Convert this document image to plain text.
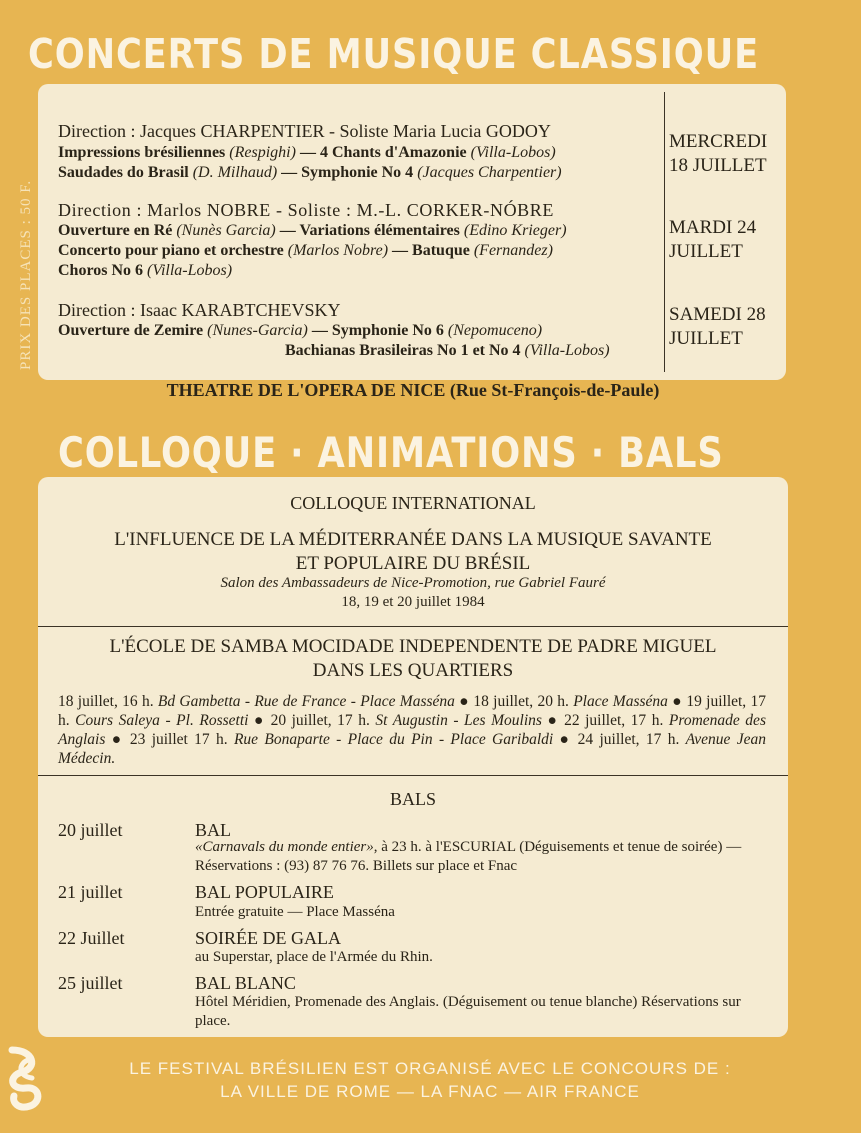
CONCERTS DE MUSIQUE CLASSIQUE
PRIX DES PLACES : 50 F.
Direction : Jacques CHARPENTIER - Soliste Maria Lucia GODOY
Impressions brésiliennes (Respighi) — 4 Chants d'Amazonie (Villa-Lobos)
Saudades do Brasil (D. Milhaud) — Symphonie No 4 (Jacques Charpentier)
MERCREDI
18 JUILLET
Direction : Marlos NOBRE - Soliste : M.-L. CORKER-NÓBRE
Ouverture en Ré (Nunès Garcia) — Variations élémentaires (Edino Krieger)
Concerto pour piano et orchestre (Marlos Nobre) — Batuque (Fernandez)
Choros No 6 (Villa-Lobos)
MARDI 24
JUILLET
Direction : Isaac KARABTCHEVSKY
Ouverture de Zemire (Nunes-Garcia) — Symphonie No 6 (Nepomuceno)
Bachianas Brasileiras No 1 et No 4 (Villa-Lobos)
SAMEDI 28
JUILLET
THEATRE DE L'OPERA DE NICE (Rue St-François-de-Paule)
COLLOQUE · ANIMATIONS · BALS
COLLOQUE INTERNATIONAL
L'INFLUENCE DE LA MÉDITERRANÉE DANS LA MUSIQUE SAVANTE
ET POPULAIRE DU BRÉSIL
Salon des Ambassadeurs de Nice-Promotion, rue Gabriel Fauré
18, 19 et 20 juillet 1984
L'ÉCOLE DE SAMBA MOCIDADE INDEPENDENTE DE PADRE MIGUEL
DANS LES QUARTIERS
18 juillet, 16 h. Bd Gambetta - Rue de France - Place Masséna ● 18 juillet, 20 h. Place Masséna ● 19 juillet, 17 h. Cours Saleya - Pl. Rossetti ● 20 juillet, 17 h. St Augustin - Les Moulins ● 22 juillet, 17 h. Promenade des Anglais ● 23 juillet 17 h. Rue Bonaparte - Place du Pin - Place Garibaldi ● 24 juillet, 17 h. Avenue Jean Médecin.
BALS
20 juillet	BAL
«Carnavals du monde entier», à 23 h. à l'ESCURIAL (Déguisements et tenue de soirée) — Réservations : (93) 87 76 76. Billets sur place et Fnac
21 juillet	BAL POPULAIRE
Entrée gratuite — Place Masséna
22 Juillet	SOIRÉE DE GALA
au Superstar, place de l'Armée du Rhin.
25 juillet	BAL BLANC
Hôtel Méridien, Promenade des Anglais. (Déguisement ou tenue blanche) Réservations sur place.
LE FESTIVAL BRÉSILIEN EST ORGANISÉ AVEC LE CONCOURS DE :
LA VILLE DE ROME — LA FNAC — AIR FRANCE
